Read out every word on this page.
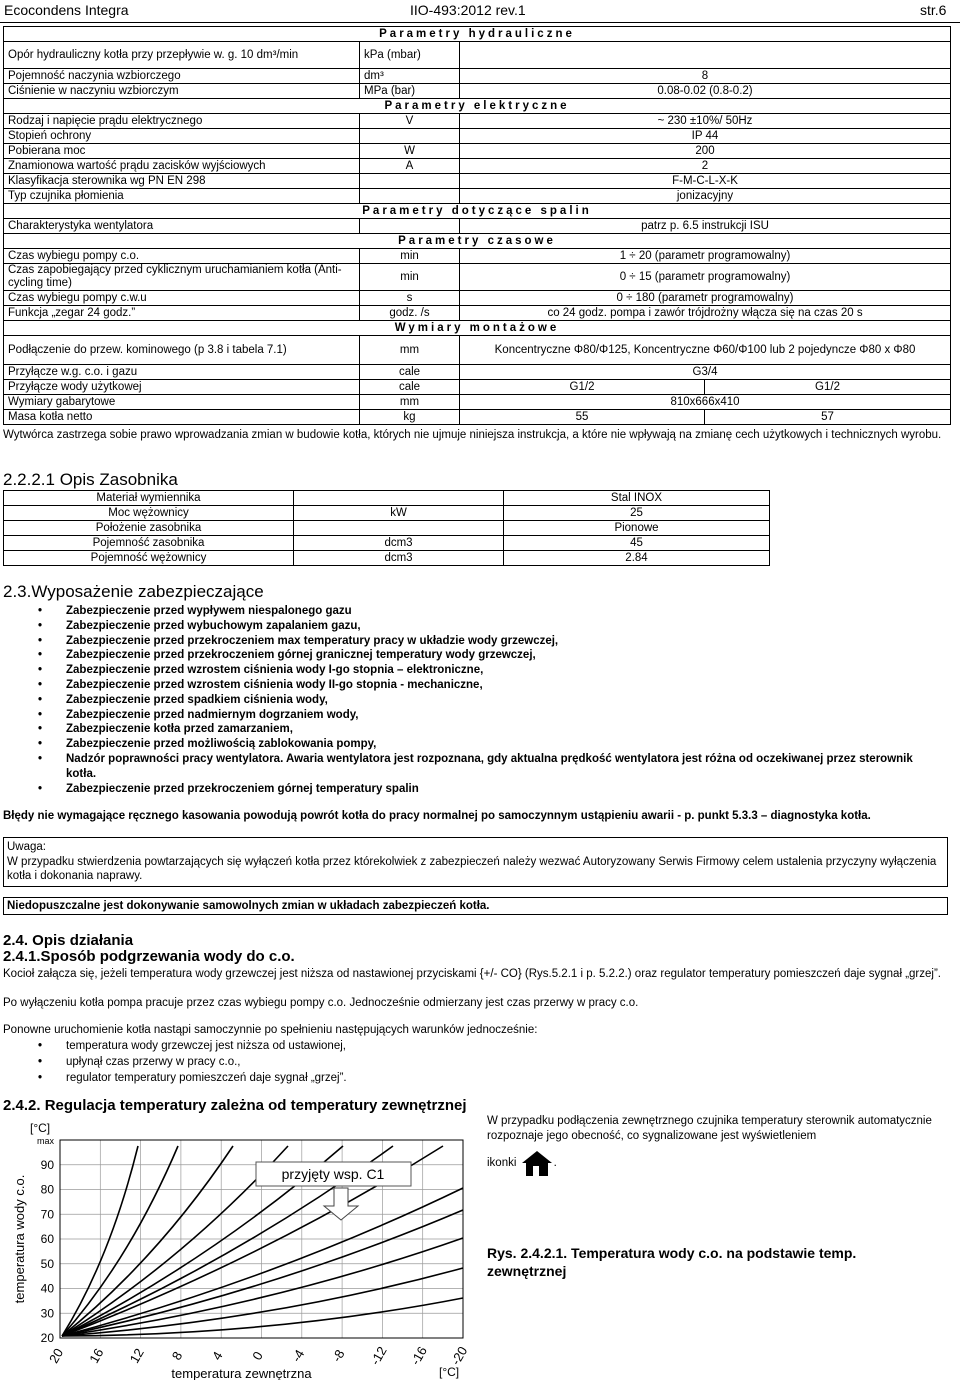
Ecocondens Integra	IIO-493:2012 rev.1	str.6
Parametry hydrauliczne			
Opór hydrauliczny kotła przy przepływie w. g. 10 dm³/min	kPa (mbar)		
Pojemność naczynia wzbiorczego	dm³	8	
Ciśnienie w naczyniu wzbiorczym	MPa (bar)	0.08-0.02 (0.8-0.2)	
Parametry elektryczne			
Rodzaj i napięcie prądu elektrycznego	V	~ 230 ±10%/ 50Hz	
Stopień ochrony		IP 44	
Pobierana moc	W	200	
Znamionowa wartość prądu zacisków wyjściowych	A	2	
Klasyfikacja sterownika wg PN EN 298		F-M-C-L-X-K	
Typ czujnika płomienia		jonizacyjny	
Parametry dotyczące spalin			
Charakterystyka wentylatora		patrz p. 6.5 instrukcji ISU	
Parametry czasowe			
Czas wybiegu pompy c.o.	min	1 ÷ 20 (parametr programowalny)	
Czas zapobiegający przed cyklicznym uruchamianiem kotła (Anti-cycling time)	min	0 ÷ 15 (parametr programowalny)	
Czas wybiegu pompy c.w.u	s	0 ÷ 180 (parametr programowalny)	
Funkcja „zegar 24 godz.”	godz. /s	co 24 godz. pompa i zawór trójdrożny włącza się na czas 20 s	
Wymiary montażowe			
Podłączenie do przew. kominowego (p 3.8 i tabela 7.1)	mm	Koncentryczne Φ80/Φ125, Koncentryczne Φ60/Φ100 lub 2 pojedyncze Φ80 x Φ80	
Przyłącze w.g. c.o. i gazu	cale	G3/4	
Przyłącze wody użytkowej	cale	G1/2	G1/2
Wymiary gabarytowe	mm	810x666x410	
Masa kotła netto	kg	55	57
Wytwórca zastrzega sobie prawo wprowadzania zmian w budowie kotła, których nie ujmuje niniejsza instrukcja, a które nie wpływają na zmianę cech użytkowych i technicznych wyrobu.
2.2.2.1 Opis Zasobnika
Materiał wymiennika		Stal INOX
Moc wężownicy	kW	25
Położenie zasobnika		Pionowe
Pojemność zasobnika	dcm3	45
Pojemność wężownicy	dcm3	2.84
2.3.Wyposażenie zabezpieczające
• Zabezpieczenie przed wypływem niespalonego gazu
• Zabezpieczenie przed wybuchowym zapalaniem gazu,
• Zabezpieczenie przed przekroczeniem max temperatury pracy w układzie wody grzewczej,
• Zabezpieczenie przed przekroczeniem górnej granicznej temperatury wody grzewczej,
• Zabezpieczenie przed wzrostem ciśnienia wody I-go stopnia – elektroniczne,
• Zabezpieczenie przed wzrostem ciśnienia wody II-go stopnia - mechaniczne,
• Zabezpieczenie przed spadkiem ciśnienia wody,
• Zabezpieczenie przed nadmiernym dogrzaniem wody,
• Zabezpieczenie kotła przed zamarzaniem,
• Zabezpieczenie przed możliwością zablokowania pompy,
• Nadzór poprawności pracy wentylatora. Awaria wentylatora jest rozpoznana, gdy aktualna prędkość wentylatora jest różna od oczekiwanej przez sterownik kotła.
• Zabezpieczenie przed przekroczeniem górnej temperatury spalin
Błędy nie wymagające ręcznego kasowania powodują powrót kotła do pracy normalnej po samoczynnym ustąpieniu awarii - p. punkt 5.3.3 – diagnostyka kotła.
Uwaga:
W przypadku stwierdzenia powtarzających się wyłączeń kotła przez którekolwiek z zabezpieczeń należy wezwać Autoryzowany Serwis Firmowy celem ustalenia przyczyny wyłączenia kotła i dokonania naprawy.
Niedopuszczalne jest dokonywanie samowolnych zmian w układach zabezpieczeń kotła.
2.4. Opis działania
2.4.1.Sposób podgrzewania wody do c.o.
Kocioł załącza się, jeżeli temperatura wody grzewczej jest niższa od nastawionej przyciskami {+/- CO} (Rys.5.2.1 i p. 5.2.2.) oraz regulator temperatury pomieszczeń daje sygnał „grzej”.
Po wyłączeniu kotła pompa pracuje przez czas wybiegu pompy c.o. Jednocześnie odmierzany jest czas przerwy w pracy c.o.
Ponowne uruchomienie kotła nastąpi samoczynnie po spełnieniu następujących warunków jednocześnie:
• temperatura wody grzewczej jest niższa od ustawionej,
• upłynął czas przerwy w pracy c.o.,
• regulator temperatury pomieszczeń daje sygnał „grzej”.
2.4.2. Regulacja temperatury zależna od temperatury zewnętrznej
max
90
80
70
60
50
40
30
20
20 16 12 8 4 0 -4 -8 -12 -16 -20
[°C]
[°C]
temperatura wody c.o.
temperatura zewnętrzna
przyjęty wsp. C1
W przypadku podłączenia zewnętrznego czujnika temperatury sterownik automatycznie rozpoznaje jego obecność, co sygnalizowane jest wyświetleniem
ikonki	.
Rys. 2.4.2.1. Temperatura wody c.o. na podstawie temp. zewnętrznej
